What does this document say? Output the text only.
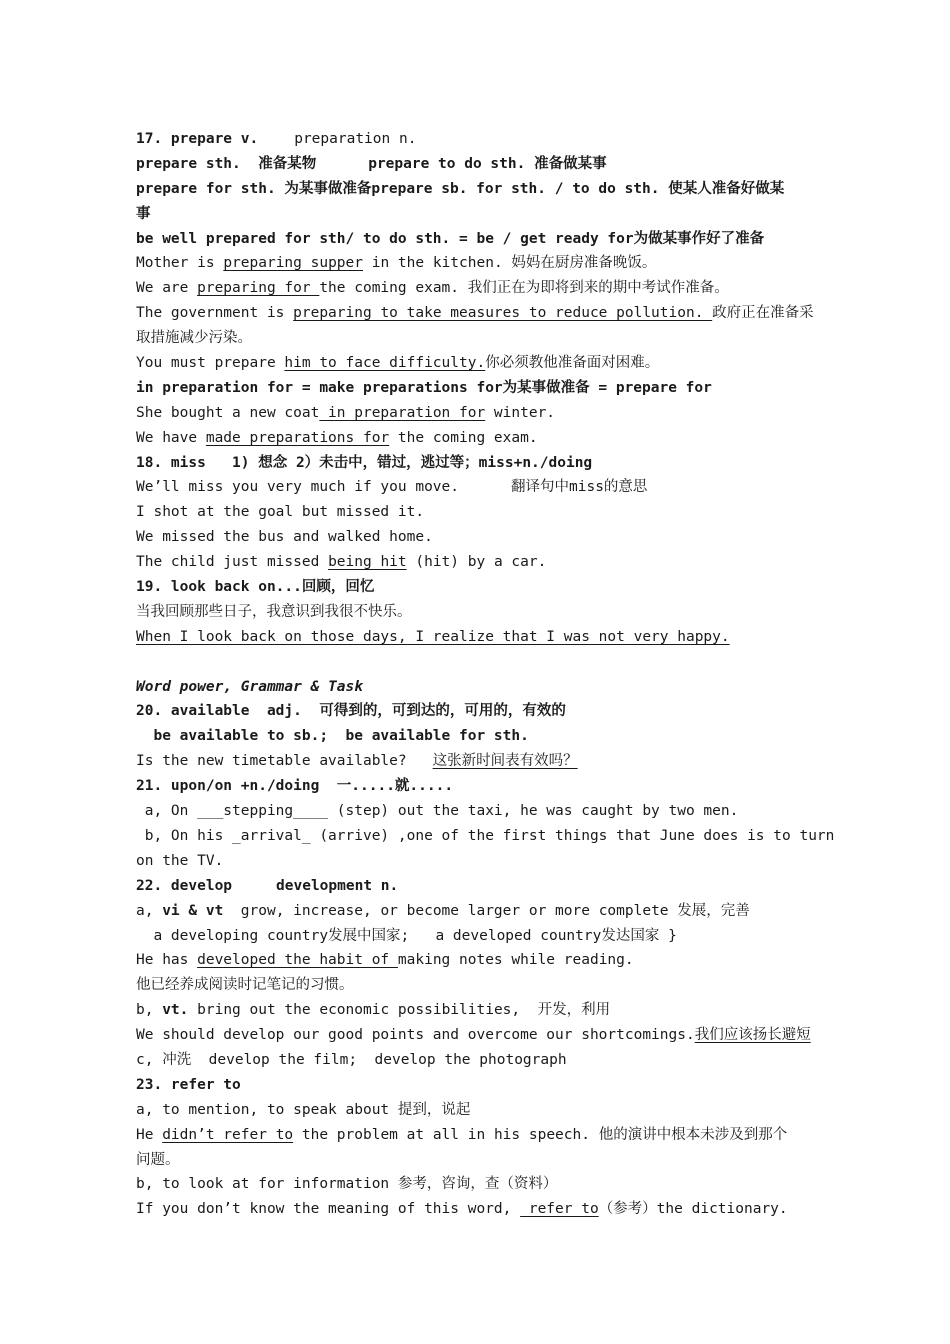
17. prepare v. preparation n.
prepare sth.  准备某物	prepare to do sth. 准备做某事
prepare for sth. 为某事做准备prepare sb. for sth. / to do sth. 使某人准备好做某
事
be well prepared for sth/ to do sth. = be / get ready for为做某事作好了准备
Mother is preparing supper in the kitchen. 妈妈在厨房准备晚饭。
We are preparing for the coming exam. 我们正在为即将到来的期中考试作准备。
The government is preparing to take measures to reduce pollution. 政府正在准备采
取措施减少污染。
You must prepare him to face difficulty.你必须教他准备面对困难。
in preparation for = make preparations for为某事做准备 = prepare for
She bought a new coat in preparation for winter.
We have made preparations for the coming exam.
18. miss   1) 想念 2）未击中，错过，逃过等；miss+n./doing
We’ll miss you very much if you move.	翻译句中miss的意思
I shot at the goal but missed it.
We missed the bus and walked home.
The child just missed being hit (hit) by a car.
19. look back on...回顾，回忆
当我回顾那些日子，我意识到我很不快乐。
When I look back on those days, I realize that I was not very happy.
Word power, Grammar & Task
20. available  adj.  可得到的，可到达的，可用的，有效的
be available to sb.;  be available for sth.
Is the new timetable available? 这张新时间表有效吗？
21. upon/on +n./doing  一.....就.....
a, On ___stepping____ (step) out the taxi, he was caught by two men.
b, On his _arrival_ (arrive) ,one of the first things that June does is to turn
on the TV.
22. develop	development n.
a, vi & vt  grow, increase, or become larger or more complete 发展，完善
a developing country发展中国家;   a developed country发达国家 }
He has developed the habit of making notes while reading.
他已经养成阅读时记笔记的习惯。
b, vt. bring out the economic possibilities,  开发，利用
We should develop our good points and overcome our shortcomings.我们应该扬长避短
c, 冲洗  develop the film;  develop the photograph
23. refer to
a, to mention, to speak about 提到，说起
He didn’t refer to the problem at all in his speech. 他的演讲中根本未涉及到那个
问题。
b, to look at for information 参考，咨询，查（资料）
If you don’t know the meaning of this word,  refer to（参考）the dictionary.
